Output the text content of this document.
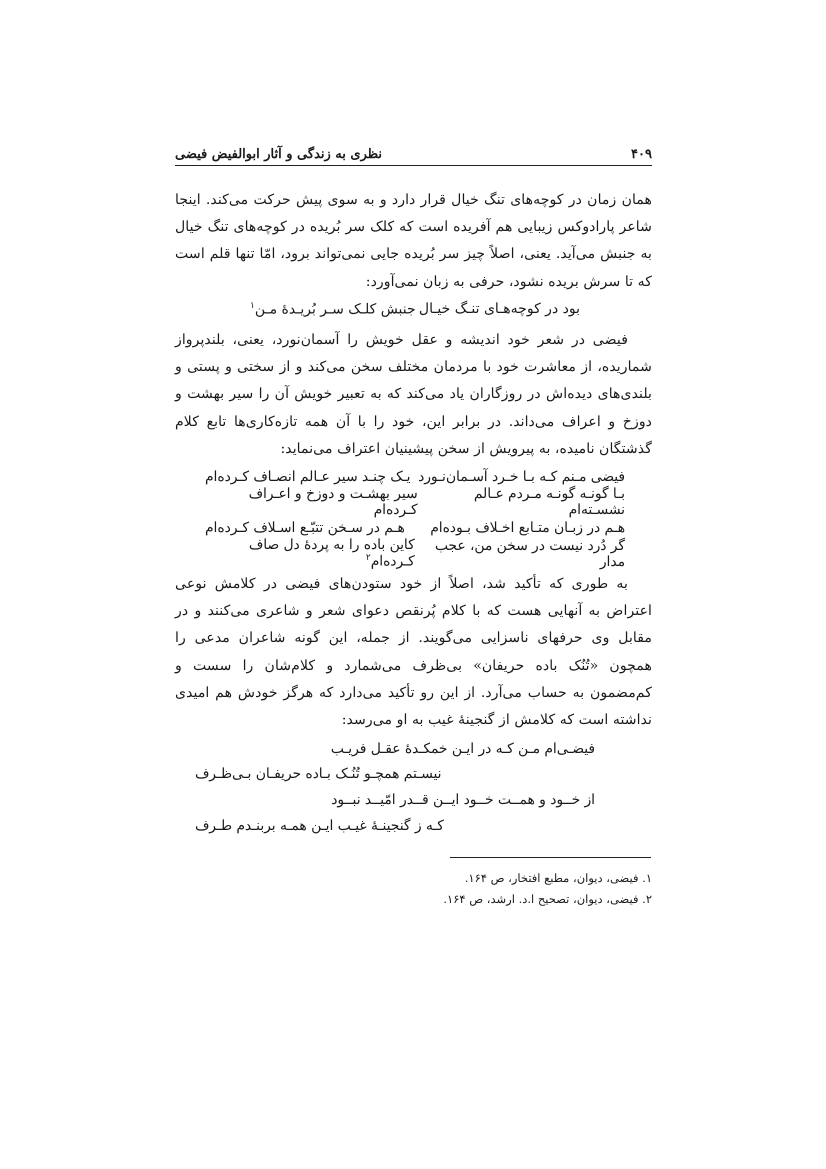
۴۰۹
نظری به زندگی و آثار ابوالفیض فیضی

همان زمان در کوچه‌های تنگ خیال قرار دارد و به سوی پیش حرکت می‌کند. اینجا شاعر پارادوکس زیبایی هم آفریده است که کلک سر بُریده در کوچه‌های تنگ خیال به جنبش می‌آید. یعنی، اصلاً چیز سر بُریده جایی نمی‌تواند برود، امّا تنها قلم است که تا سرش بریده نشود، حرفی به زبان نمی‌آورد:

بود در کوچه‌هـای تنـگ خیـال
جنبش کلـک سـر بُریـدهٔ مـن$^۱$

فیضی در شعر خود اندیشه و عقل خویش را آسمان‌نورد، یعنی، بلندپرواز شماریده، از معاشرت خود با مردمان مختلف سخن می‌کند و از سختی و پستی و بلندی‌های دیده‌اش در روزگاران یاد می‌کند که به تعبیر خویش آن را سیر بهشت و دوزخ و اعراف می‌داند. در برابر این، خود را با آن همه تازه‌کاری‌ها تابع کلام گذشتگان نامیده، به پیرویش از سخن پیشینیان اعتراف می‌نماید:

فیضی مـنم کـه بـا خـرد آسـمان‌نـورد
یـک چنـد سیر عـالم انصـاف کـرده‌ام
بـا گونـه گونـه مـردم عـالم نشسـته‌ام
سیر بهشـت و دوزخ و اعـراف کـرده‌ام
هـم در زبـان متـابع اخـلاف بـوده‌ام
هـم در سـخن تتبّـع اسـلاف کـرده‌ام
گر دُرد نیست در سخن من، عجب مدار
کاین باده را به پردهٔ دل صاف کـرده‌ام$^۲$

به طوری که تأکید شد، اصلاً از خود ستودن‌های فیضی در کلامش نوعی اعتراض به آنهایی هست که با کلام پُرنقص دعوای شعر و شاعری می‌کنند و در مقابل وی حرفهای ناسزایی می‌گویند. از جمله، این گونه شاعران مدعی را همچون «تُنُک باده حریفان» بی‌ظرف می‌شمارد و کلام‌شان را سست و کم‌مضمون به حساب می‌آرد. از این رو تأکید می‌دارد که هرگز خودش هم امیدی نداشته است که کلامش از گنجینهٔ غیب به او می‌رسد:

فیضـی‌ام مـن کـه در ایـن خمکـدهٔ عقـل فریـب
نیسـتم همچـو تُنُـک بـاده حریفـان بـی‌ظـرف
از خــود و همــت خــود ایــن قــدر امّیــد نبــود
کـه ز گنجینـهٔ غیـب ایـن همـه بربنـدم طـرف
۱. فیضی، دیوان، مطبع افتخار، ص ۱۶۴.
۲. فیضی، دیوان، تصحیح ا.د. ارشد، ص ۱۶۴.
